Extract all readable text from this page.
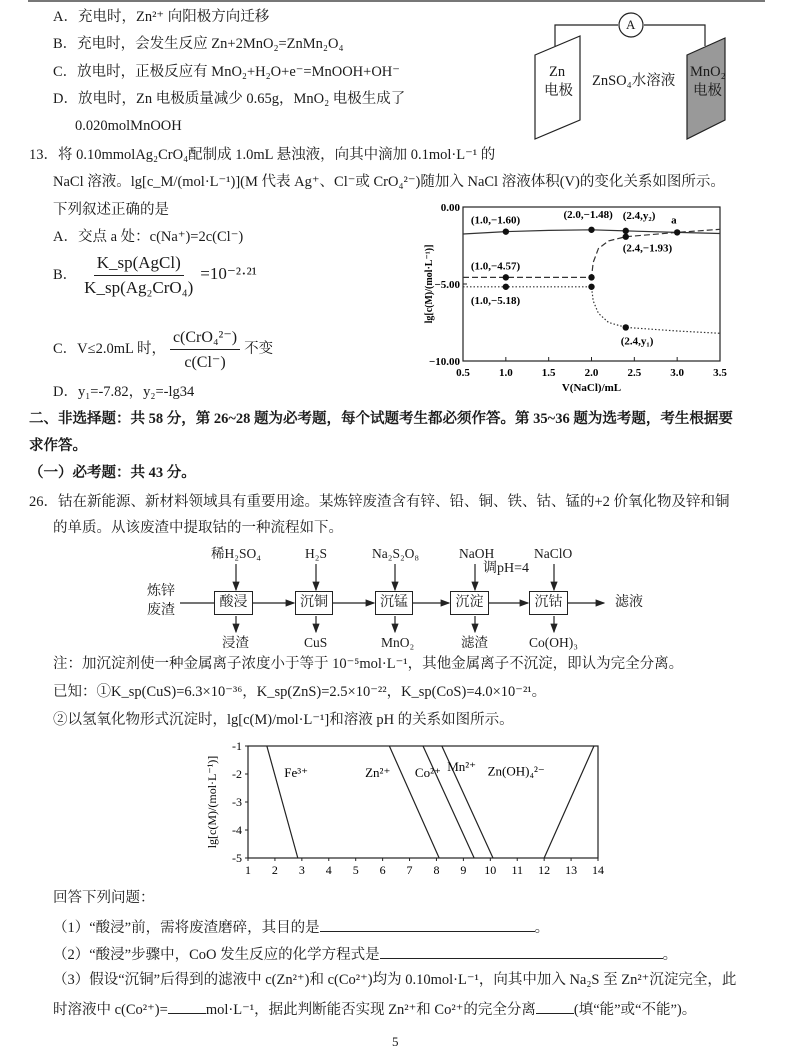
A．充电时，Zn²⁺ 向阳极方向迁移
B．充电时，会发生反应 Zn+2MnO₂=ZnMn₂O₄
C．放电时，正极反应有 MnO₂+H₂O+e⁻=MnOOH+OH⁻
D．放电时，Zn 电极质量减少 0.65g，MnO₂ 电极生成了
0.020molMnOOH
A
Zn
电极
ZnSO₄水溶液
MnO₂
电极
13．将 0.10mmolAg₂CrO₄配制成 1.0mL 悬浊液，向其中滴加 0.1mol·L⁻¹ 的
NaCl 溶液。lg[c_M/(mol·L⁻¹)](M 代表 Ag⁺、Cl⁻或 CrO₄²⁻)随加入 NaCl 溶液体积(V)的变化关系如图所示。
下列叙述正确的是
A．交点 a 处：c(Na⁺)=2c(Cl⁻)
B． $\frac{\text{K\_sp(AgCl)}}{\text{K\_sp(Ag₂CrO₄)}} =10^{-2}\cdot^{21}$
C．V≤2.0mL 时， $\frac{\text{c(CrO₄²⁻)}}{c(Cl^-)}$ 不变
D．y₁=-7.82，y₂=-lg34
0.5	1.0	1.5	2.0	2.5	3.0	3.5
0.00
−5.00
−10.00
V(NaCl)/mL
lg[c(M)/(mol·L⁻¹)]
(1.0,−1.60)	(2.0,−1.48) (2.4,y₂) a
(2.4,−1.93)
(1.0,−4.57)
(1.0,−5.18)
(2.4,y₁)
二、非选择题：共 58 分，第 26~28 题为必考题，每个试题考生都必须作答。第 35~36 题为选考题，考生根据要
求作答。
（一）必考题：共 43 分。
26．钴在新能源、新材料领域具有重要用途。某炼锌废渣含有锌、铅、铜、铁、钴、锰的+2 价氧化物及锌和铜
的单质。从该废渣中提取钴的一种流程如下。
炼锌
废渣
滤液
调pH=4
酸浸	沉铜	沉锰	沉淀	沉钴
稀H₂SO₄	H₂S	Na₂S₂O₈	NaOH	NaClO
浸渣	CuS	MnO₂	滤渣	Co(OH)₃
注：加沉淀剂使一种金属离子浓度小于等于 10⁻⁵mol·L⁻¹，其他金属离子不沉淀，即认为完全分离。
已知：①K_sp(CuS)=6.3×10⁻³⁶，K_sp(ZnS)=2.5×10⁻²²，K_sp(CoS)=4.0×10⁻²¹。
②以氢氧化物形式沉淀时，lg[c(M)/mol·L⁻¹]和溶液 pH 的关系如图所示。
1 2 3 4 5 6 7 8 9 10 11 12 13 14
-1
-2
-3
-4
-5
lg[c(M)/(mol·L⁻¹)]	Fe³⁺	Zn²⁺ Co²⁺ Mn²⁺ Zn(OH)₄²⁻
回答下列问题：
（1）“酸浸”前，需将废渣磨碎，其目的是	。
（2）“酸浸”步骤中，CoO 发生反应的化学方程式是	。
（3）假设“沉铜”后得到的滤液中 c(Zn²⁺)和 c(Co²⁺)均为 0.10mol·L⁻¹，向其中加入 Na₂S 至 Zn²⁺沉淀完全，此
时溶液中 c(Co²⁺)=	mol·L⁻¹，据此判断能否实现 Zn²⁺和 Co²⁺的完全分离	(填“能”或“不能”)。
5
